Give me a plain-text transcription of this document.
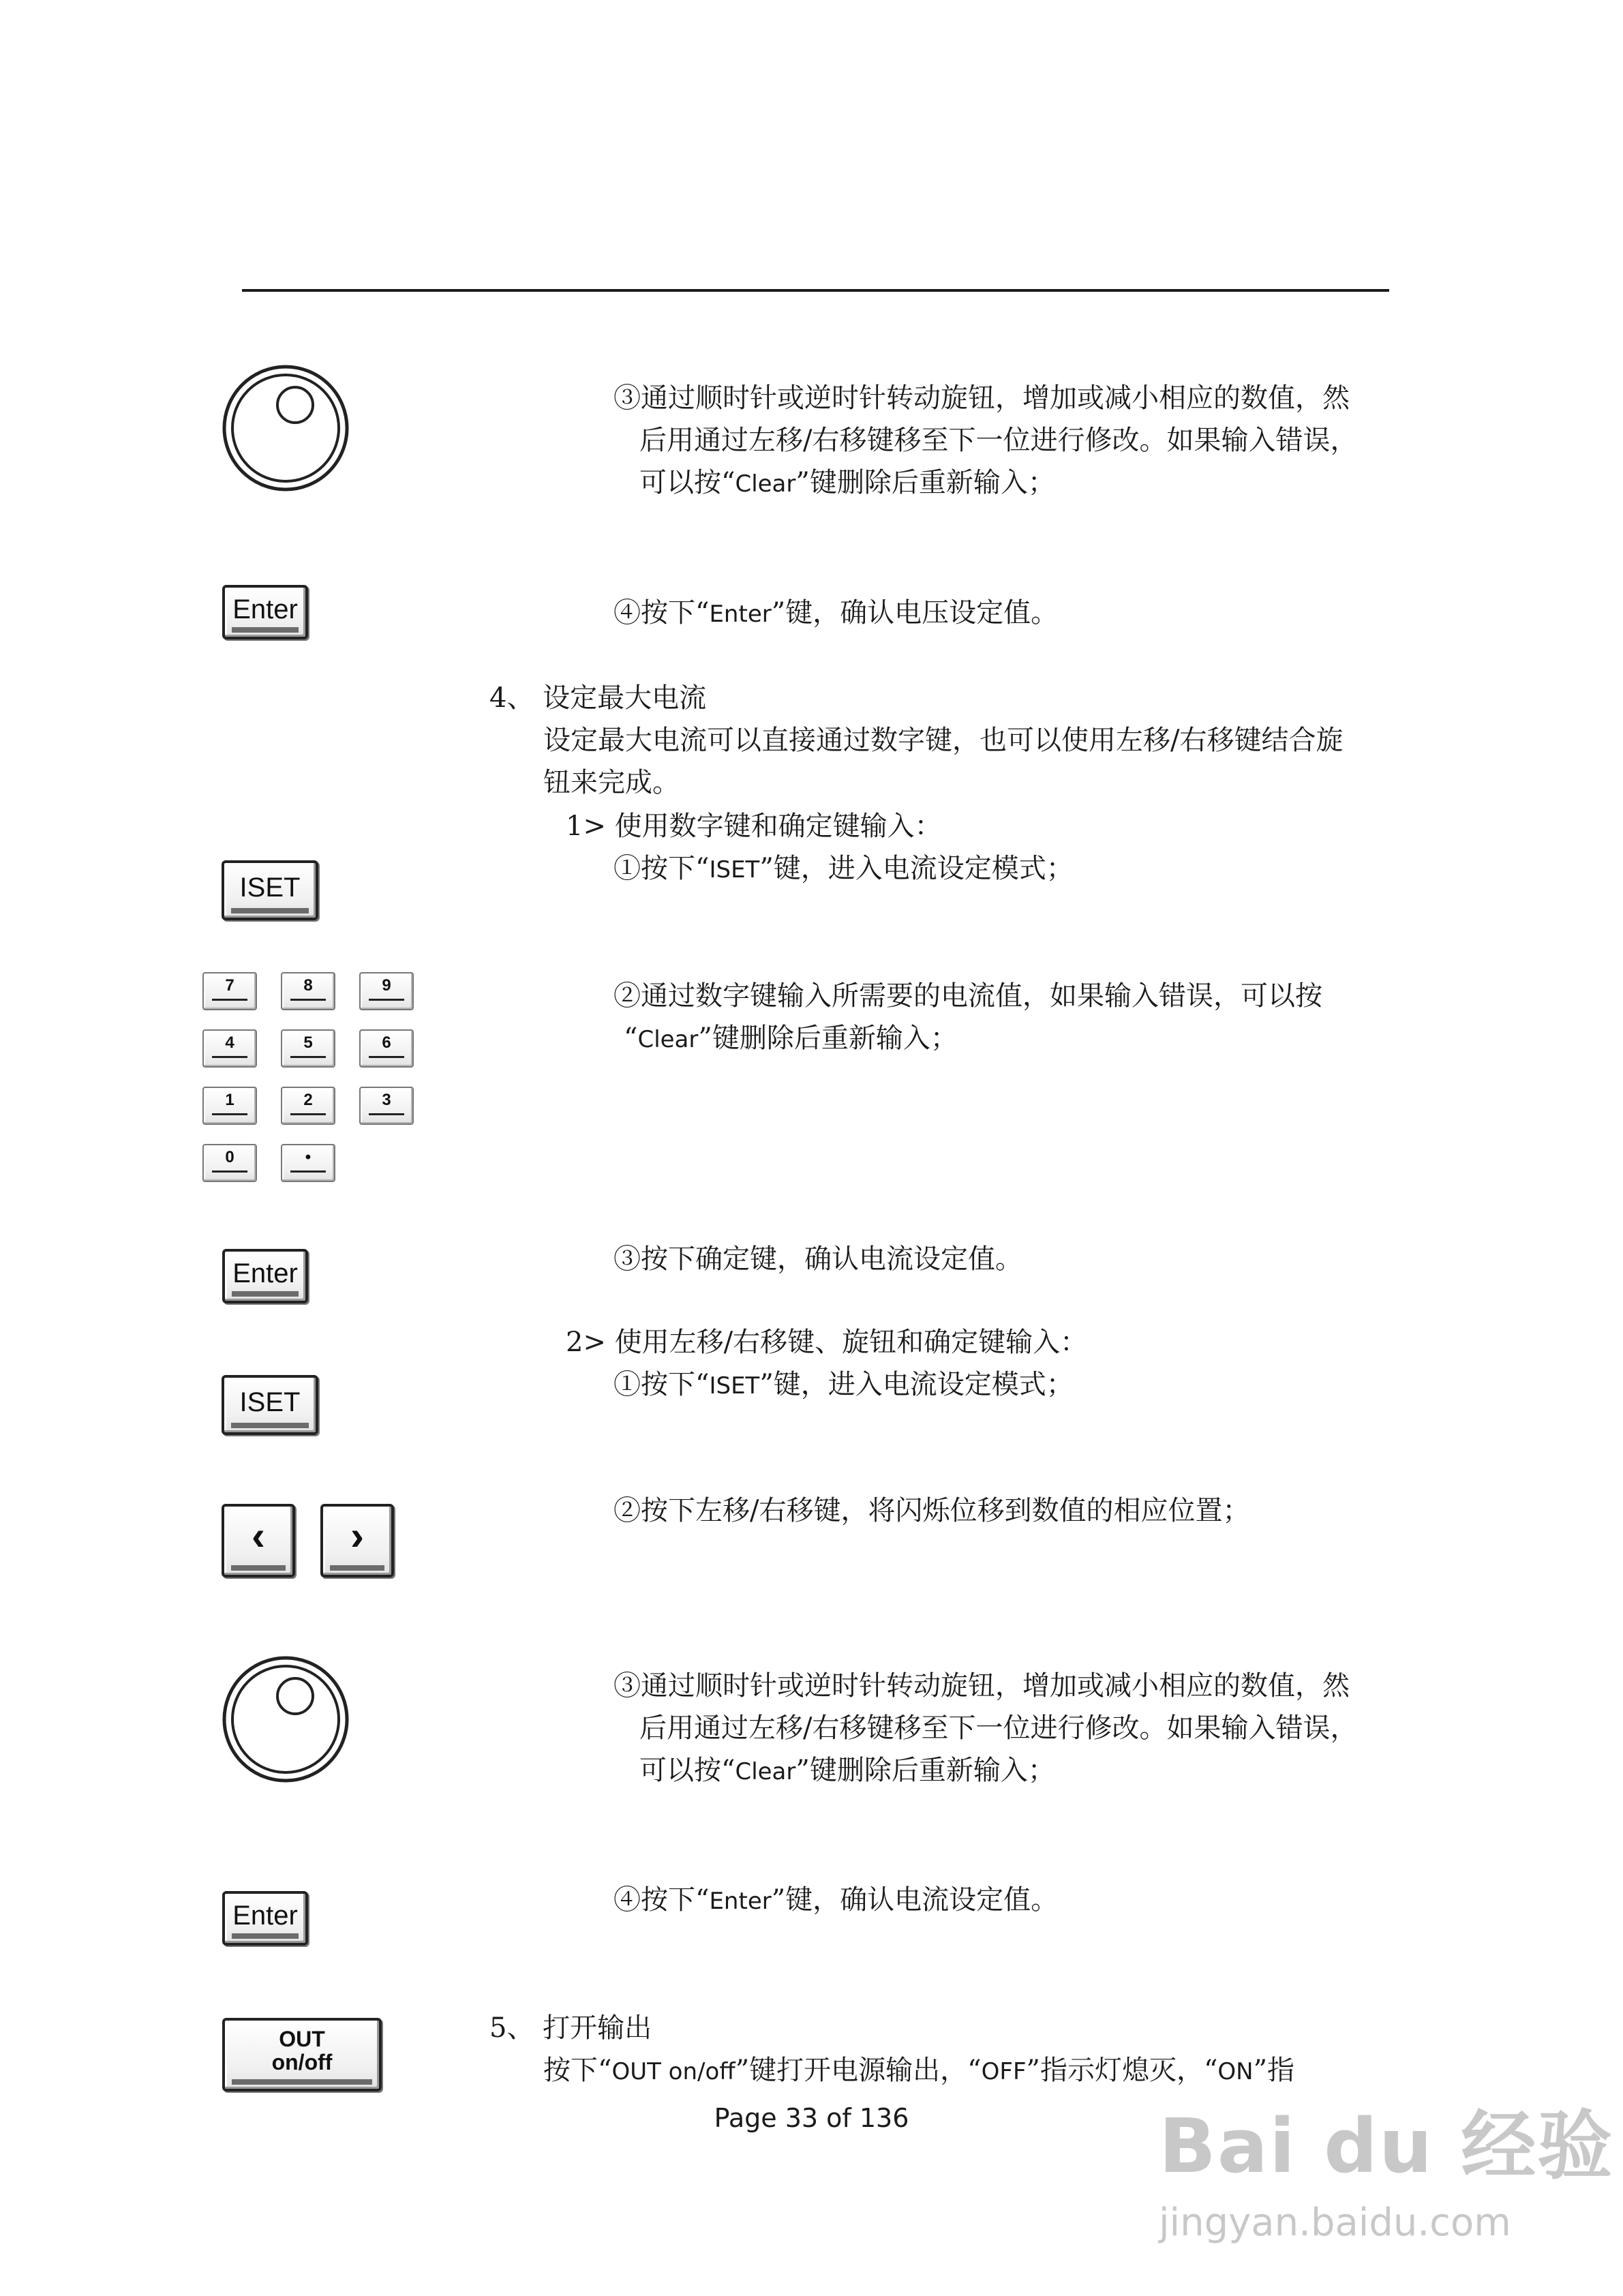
③通过顺时针或逆时针转动旋钮，增加或减小相应的数值，然
后用通过左移/右移键移至下一位进行修改。如果输入错误，
可以按“Clear”键删除后重新输入；
Enter	④按下“Enter”键，确认电压设定值。
4、 设定最大电流
设定最大电流可以直接通过数字键，也可以使用左移/右移键结合旋
钮来完成。
1> 使用数字键和确定键输入：
ISET
①按下“ISET”键，进入电流设定模式；
7	8	9
4	5	6
1	2	3
0	•
②通过数字键输入所需要的电流值，如果输入错误，可以按
“Clear”键删除后重新输入；
Enter	③按下确定键，确认电流设定值。
2> 使用左移/右移键、旋钮和确定键输入：
ISET
①按下“ISET”键，进入电流设定模式；
‹ ›
②按下左移/右移键，将闪烁位移到数值的相应位置；
③通过顺时针或逆时针转动旋钮，增加或减小相应的数值，然
后用通过左移/右移键移至下一位进行修改。如果输入错误，
可以按“Clear”键删除后重新输入；
Enter	④按下“Enter”键，确认电流设定值。
OUT
on/off
5、 打开输出
按下“OUT on/off”键打开电源输出，“OFF”指示灯熄灭，“ON”指
Page 33 of 136	Bai du 经验
jingyan.baidu.com
